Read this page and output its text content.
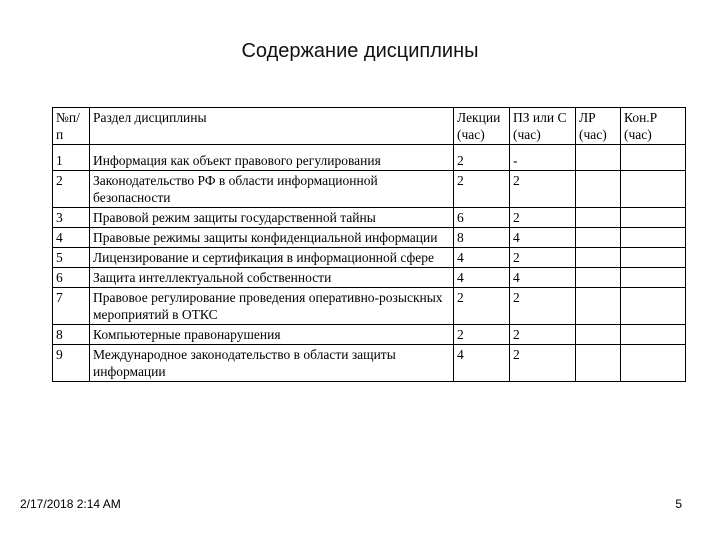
Содержание дисциплины
№п/п	Раздел дисциплины	Лекции (час)	ПЗ или С (час)	ЛР (час)	Кон.Р (час)
1	Информация как объект правового регулирования	2	-		
2	Законодательство РФ в области информационной безопасности	2	2		
3	Правовой режим защиты государственной тайны	6	2		
4	Правовые режимы защиты конфиденциальной информации	8	4		
5	Лицензирование и сертификация в информационной сфере	4	2		
6	Защита интеллектуальной собственности	4	4		
7	Правовое регулирование проведения оперативно-розыскных мероприятий в ОТКС	2	2		
8	Компьютерные правонарушения	2	2		
9	Международное законодательство в области защиты информации	4	2		
2/17/2018 2:14 AM	5
